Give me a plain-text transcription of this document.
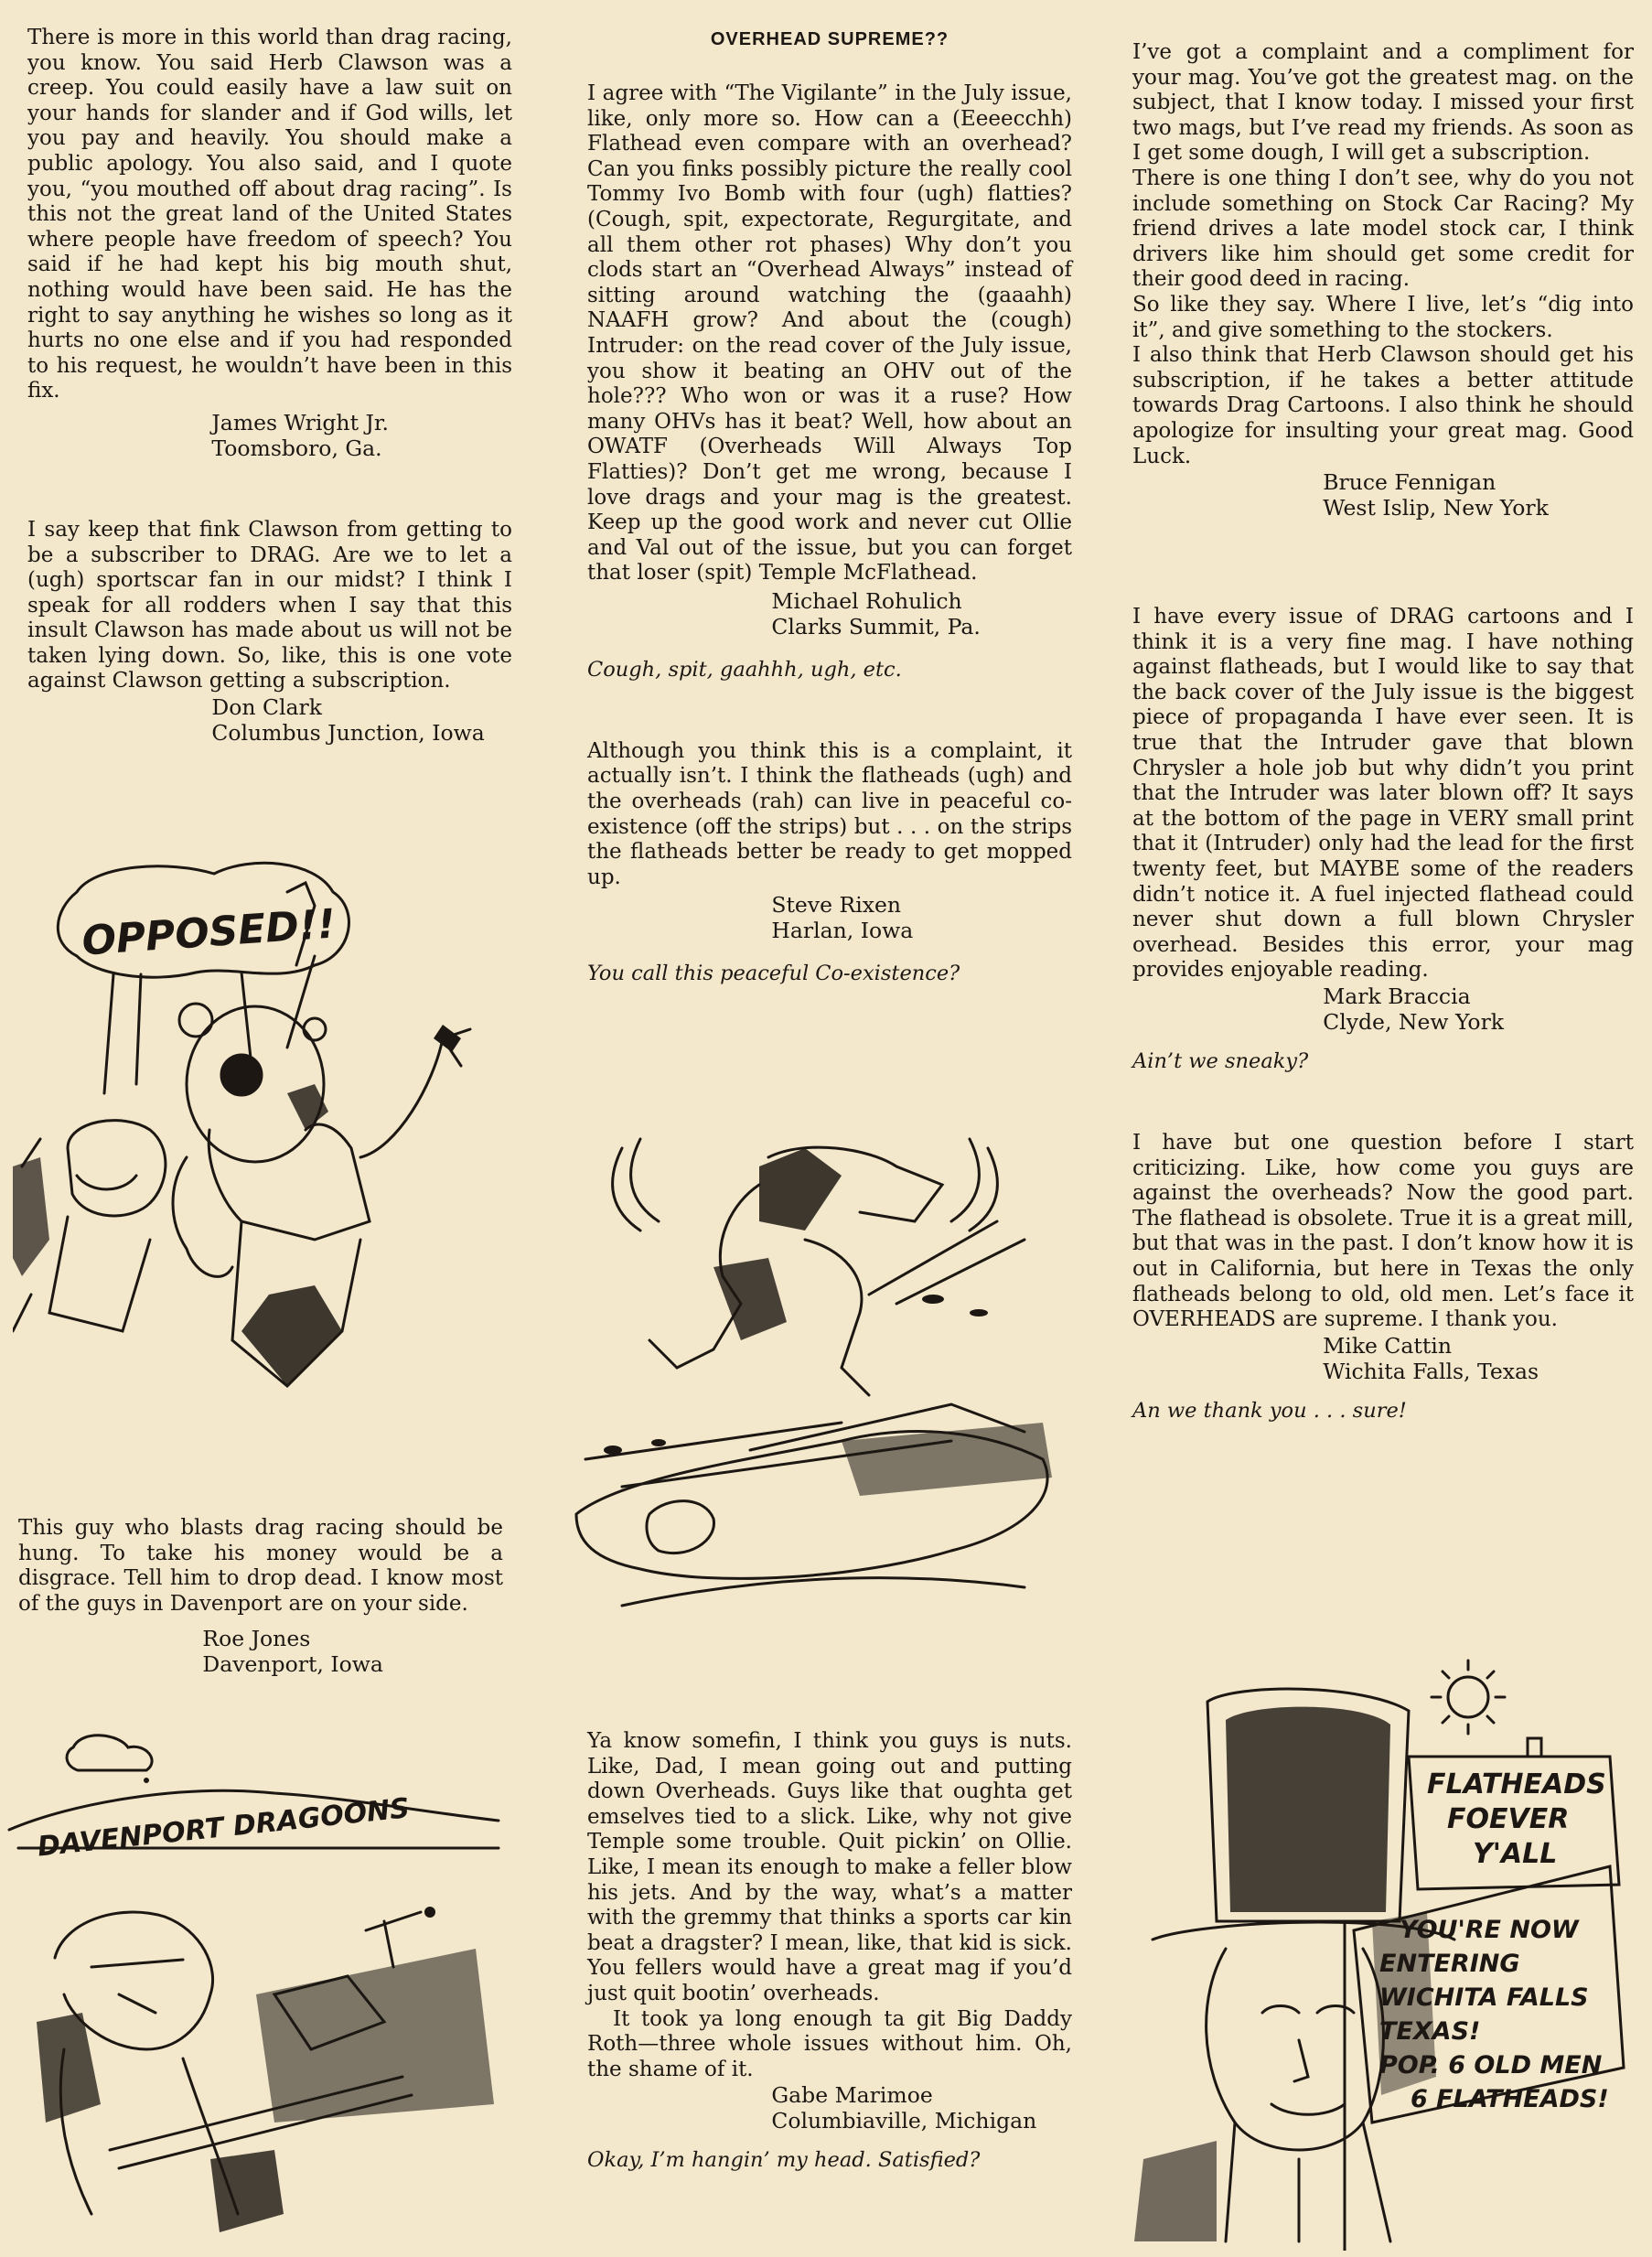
There is more in this world than drag racing, you know. You said Herb Clawson was a creep. You could easily have a law suit on your hands for slander and if God wills, let you pay and heavily. You should make a public apology. You also said, and I quote you, “you mouthed off about drag racing”. Is this not the great land of the United States where people have freedom of speech? You said if he had kept his big mouth shut, nothing would have been said. He has the right to say anything he wishes so long as it hurts no one else and if you had responded to his request, he wouldn’t have been in this fix.

James Wright Jr.
Toomsboro, Ga.

I say keep that fink Clawson from getting to be a subscriber to DRAG. Are we to let a (ugh) sportscar fan in our midst? I think I speak for all rodders when I say that this insult Clawson has made about us will not be taken lying down. So, like, this is one vote against Clawson getting a subscription.

Don Clark
Columbus Junction, Iowa
OPPOSED!!

This guy who blasts drag racing should be hung. To take his money would be a disgrace. Tell him to drop dead. I know most of the guys in Davenport are on your side.

Roe Jones
Davenport, Iowa
DAVENPORT DRAGOONS
OVERHEAD SUPREME??

I agree with “The Vigilante” in the July issue, like, only more so. How can a (Eeeecchh) Flathead even compare with an overhead? Can you finks possibly picture the really cool Tommy Ivo Bomb with four (ugh) flatties? (Cough, spit, expectorate, Regurgitate, and all them other rot phases) Why don’t you clods start an “Overhead Always” instead of sitting around watching the (gaaahh) NAAFH grow? And about the (cough) Intruder: on the read cover of the July issue, you show it beating an OHV out of the hole??? Who won or was it a ruse? How many OHVs has it beat? Well, how about an OWATF (Overheads Will Always Top Flatties)? Don’t get me wrong, because I love drags and your mag is the greatest. Keep up the good work and never cut Ollie and Val out of the issue, but you can forget that loser (spit) Temple McFlathead.

Michael Rohulich
Clarks Summit, Pa.
Cough, spit, gaahhh, ugh, etc.

Although you think this is a complaint, it actually isn’t. I think the flatheads (ugh) and the overheads (rah) can live in peaceful co-existence (off the strips) but . . . on the strips the flatheads better be ready to get mopped up.

Steve Rixen
Harlan, Iowa
You call this peaceful Co-existence?

Ya know somefin, I think you guys is nuts. Like, Dad, I mean going out and putting down Overheads. Guys like that oughta get emselves tied to a slick. Like, why not give Temple some trouble. Quit pickin’ on Ollie. Like, I mean its enough to make a feller blow his jets. And by the way, what’s a matter with the gremmy that thinks a sports car kin beat a dragster? I mean, like, that kid is sick. You fellers would have a great mag if you’d just quit bootin’ overheads.

It took ya long enough ta git Big Daddy Roth—three whole issues without him. Oh, the shame of it.

Gabe Marimoe
Columbiaville, Michigan
Okay, I’m hangin’ my head. Satisfied?

I’ve got a complaint and a compliment for your mag. You’ve got the greatest mag. on the subject, that I know today. I missed your first two mags, but I’ve read my friends. As soon as I get some dough, I will get a subscription.

There is one thing I don’t see, why do you not include something on Stock Car Racing? My friend drives a late model stock car, I think drivers like him should get some credit for their good deed in racing.

So like they say. Where I live, let’s “dig into it”, and give something to the stockers.

I also think that Herb Clawson should get his subscription, if he takes a better attitude towards Drag Cartoons. I also think he should apologize for insulting your great mag. Good Luck.

Bruce Fennigan
West Islip, New York

I have every issue of DRAG cartoons and I think it is a very fine mag. I have nothing against flatheads, but I would like to say that the back cover of the July issue is the biggest piece of propaganda I have ever seen. It is true that the Intruder gave that blown Chrysler a hole job but why didn’t you print that the Intruder was later blown off? It says at the bottom of the page in VERY small print that it (Intruder) only had the lead for the first twenty feet, but MAYBE some of the readers didn’t notice it. A fuel injected flathead could never shut down a full blown Chrysler overhead. Besides this error, your mag provides enjoyable reading.

Mark Braccia
Clyde, New York
Ain’t we sneaky?

I have but one question before I start criticizing. Like, how come you guys are against the overheads? Now the good part. The flathead is obsolete. True it is a great mill, but that was in the past. I don’t know how it is out in California, but here in Texas the only flatheads belong to old, old men. Let’s face it OVERHEADS are supreme. I thank you.

Mike Cattin
Wichita Falls, Texas
An we thank you . . . sure!
FLATHEADS
FOEVER
Y'ALL
YOU'RE NOW
ENTERING
WICHITA FALLS
TEXAS!
POP. 6 OLD MEN
6 FLATHEADS!
